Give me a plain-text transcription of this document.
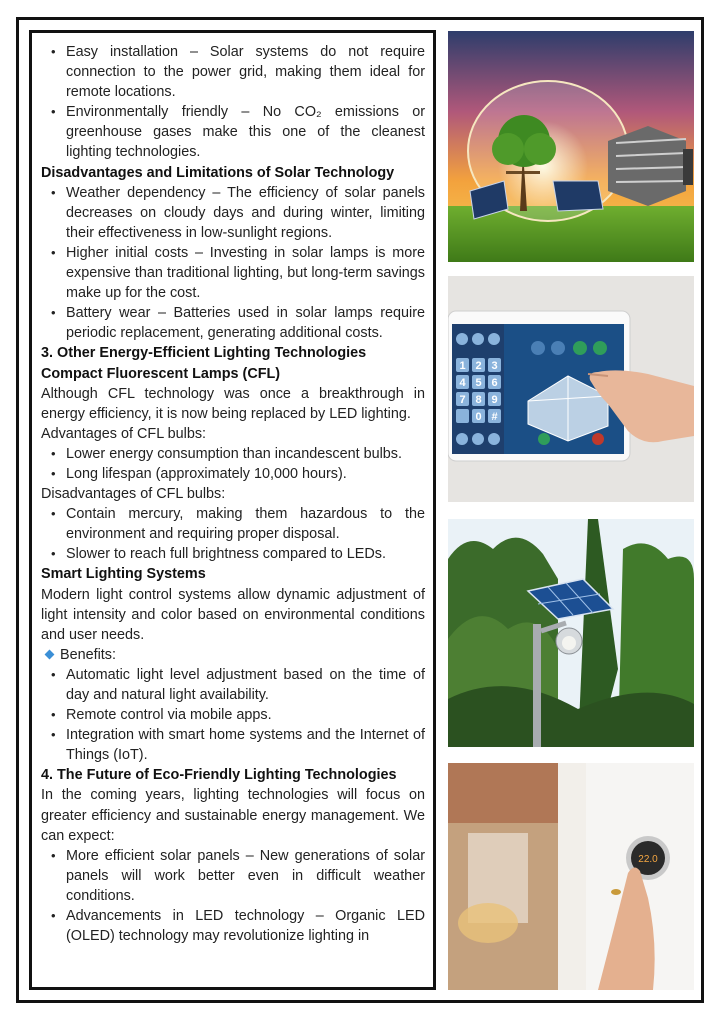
• Easy installation – Solar systems do not require connection to the power grid, making them ideal for remote locations.
• Environmentally friendly – No CO₂ emissions or greenhouse gases make this one of the cleanest lighting technologies.
Disadvantages and Limitations of Solar Technology
• Weather dependency – The efficiency of solar panels decreases on cloudy days and during winter, limiting their effectiveness in low-sunlight regions.
• Higher initial costs – Investing in solar lamps is more expensive than traditional lighting, but long-term savings make up for the cost.
• Battery wear – Batteries used in solar lamps require periodic replacement, generating additional costs.
3. Other Energy-Efficient Lighting Technologies
Compact Fluorescent Lamps (CFL)

Although CFL technology was once a breakthrough in energy efficiency, it is now being replaced by LED lighting.

Advantages of CFL bulbs:

• Lower energy consumption than incandescent bulbs.
• Long lifespan (approximately 10,000 hours).

Disadvantages of CFL bulbs:

• Contain mercury, making them hazardous to the environment and requiring proper disposal.
• Slower to reach full brightness compared to LEDs.
Smart Lighting Systems

Modern light control systems allow dynamic adjustment of light intensity and color based on environmental conditions and user needs.

Benefits:

• Automatic light level adjustment based on the time of day and natural light availability.
• Remote control via mobile apps.
• Integration with smart home systems and the Internet of Things (IoT).
4. The Future of Eco-Friendly Lighting Technologies

In the coming years, lighting technologies will focus on greater efficiency and sustainable energy management. We can expect:

• More efficient solar panels – New generations of solar panels will work better even in difficult weather conditions.
• Advancements in LED technology – Organic LED (OLED) technology may revolutionize lighting in
1 2 3
4 5 6
7 8 9
0 #
22.0
